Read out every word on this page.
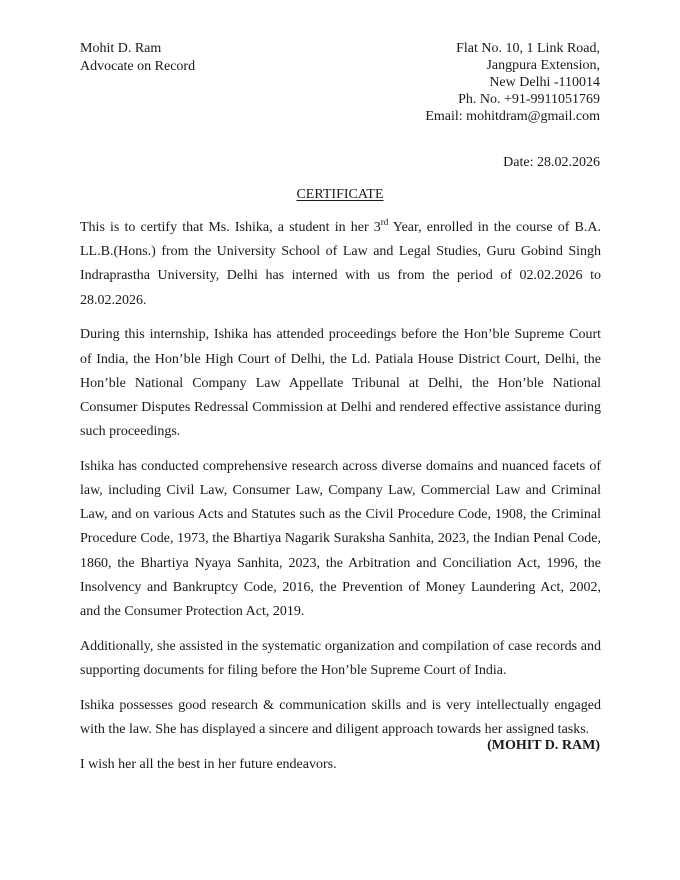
Mohit D. Ram
Advocate on Record
Flat No. 10, 1 Link Road,
Jangpura Extension,
New Delhi -110014
Ph. No. +91-9911051769
Email: mohitdram@gmail.com
Date: 28.02.2026
CERTIFICATE

This is to certify that Ms. Ishika, a student in her 3rd Year, enrolled in the course of B.A. LL.B.(Hons.) from the University School of Law and Legal Studies, Guru Gobind Singh Indraprastha University, Delhi has interned with us from the period of 02.02.2026 to 28.02.2026.

During this internship, Ishika has attended proceedings before the Hon’ble Supreme Court of India, the Hon’ble High Court of Delhi, the Ld. Patiala House District Court, Delhi, the Hon’ble National Company Law Appellate Tribunal at Delhi, the Hon’ble National Consumer Disputes Redressal Commission at Delhi and rendered effective assistance during such proceedings.

Ishika has conducted comprehensive research across diverse domains and nuanced facets of law, including Civil Law, Consumer Law, Company Law, Commercial Law and Criminal Law, and on various Acts and Statutes such as the Civil Procedure Code, 1908, the Criminal Procedure Code, 1973, the Bhartiya Nagarik Suraksha Sanhita, 2023, the Indian Penal Code, 1860, the Bhartiya Nyaya Sanhita, 2023, the Arbitration and Conciliation Act, 1996, the Insolvency and Bankruptcy Code, 2016, the Prevention of Money Laundering Act, 2002, and the Consumer Protection Act, 2019.

Additionally, she assisted in the systematic organization and compilation of case records and supporting documents for filing before the Hon’ble Supreme Court of India.

Ishika possesses good research & communication skills and is very intellectually engaged with the law. She has displayed a sincere and diligent approach towards her assigned tasks.

I wish her all the best in her future endeavors.

(MOHIT D. RAM)
